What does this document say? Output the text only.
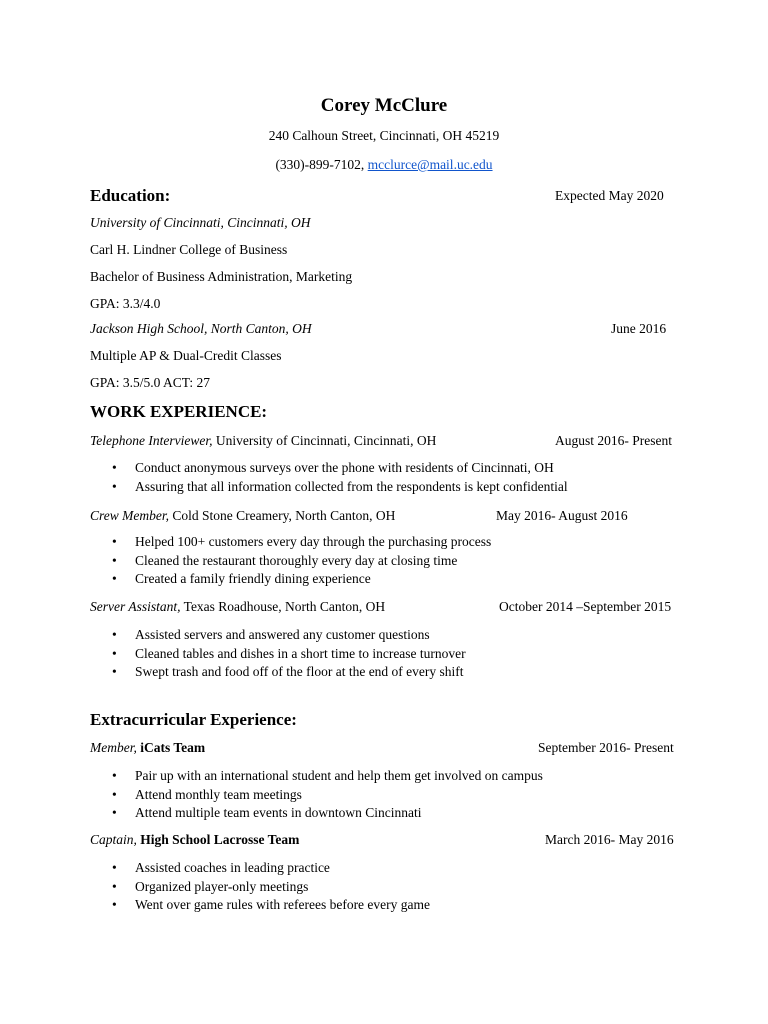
Corey McClure
240 Calhoun Street, Cincinnati, OH 45219
(330)-899-7102, mcclurce@mail.uc.edu
Education:	Expected May 2020
University of Cincinnati, Cincinnati, OH
Carl H. Lindner College of Business
Bachelor of Business Administration, Marketing
GPA: 3.3/4.0
Jackson High School, North Canton, OH	June 2016
Multiple AP & Dual-Credit Classes
GPA: 3.5/5.0 ACT: 27
WORK EXPERIENCE:
Telephone Interviewer, University of Cincinnati, Cincinnati, OH	August 2016- Present
• Conduct anonymous surveys over the phone with residents of Cincinnati, OH
• Assuring that all information collected from the respondents is kept confidential
Crew Member, Cold Stone Creamery, North Canton, OH	May 2016- August 2016
• Helped 100+ customers every day through the purchasing process
• Cleaned the restaurant thoroughly every day at closing time
• Created a family friendly dining experience
Server Assistant, Texas Roadhouse, North Canton, OH	October 2014 –September 2015
• Assisted servers and answered any customer questions
• Cleaned tables and dishes in a short time to increase turnover
• Swept trash and food off of the floor at the end of every shift
Extracurricular Experience:
Member, iCats Team	September 2016- Present
• Pair up with an international student and help them get involved on campus
• Attend monthly team meetings
• Attend multiple team events in downtown Cincinnati
Captain, High School Lacrosse Team	March 2016- May 2016
• Assisted coaches in leading practice
• Organized player-only meetings
• Went over game rules with referees before every game
